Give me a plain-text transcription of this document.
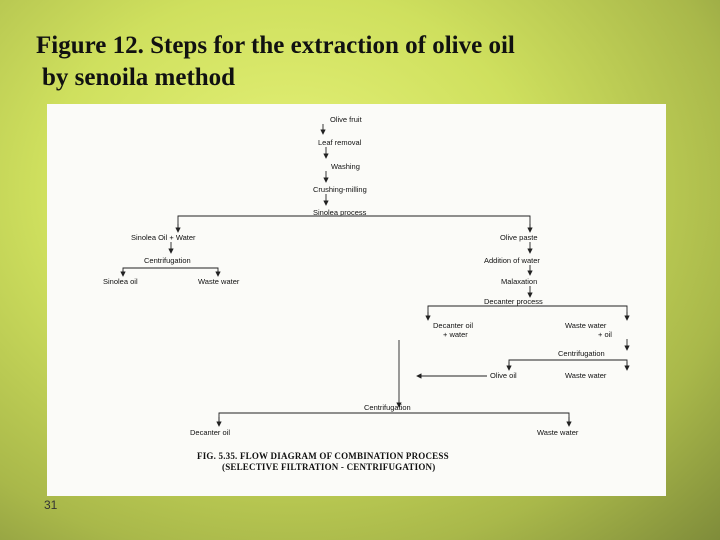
Figure 12. Steps for the extraction of olive oil
by senoila method
Olive fruit
Leaf removal
Washing
Crushing-milling
Sinolea process
Sinolea Oil + Water
Centrifugation
Sinolea oil	Waste water
Olive paste
Addition of water
Malaxation
Decanter process
Decanter oil
+ water
Waste water
+ oil
Centrifugation
Olive oil	Waste water
Centrifugation
Decanter oil	Waste water
FIG. 5.35. FLOW DIAGRAM OF COMBINATION PROCESS
(SELECTIVE FILTRATION - CENTRIFUGATION)
31
